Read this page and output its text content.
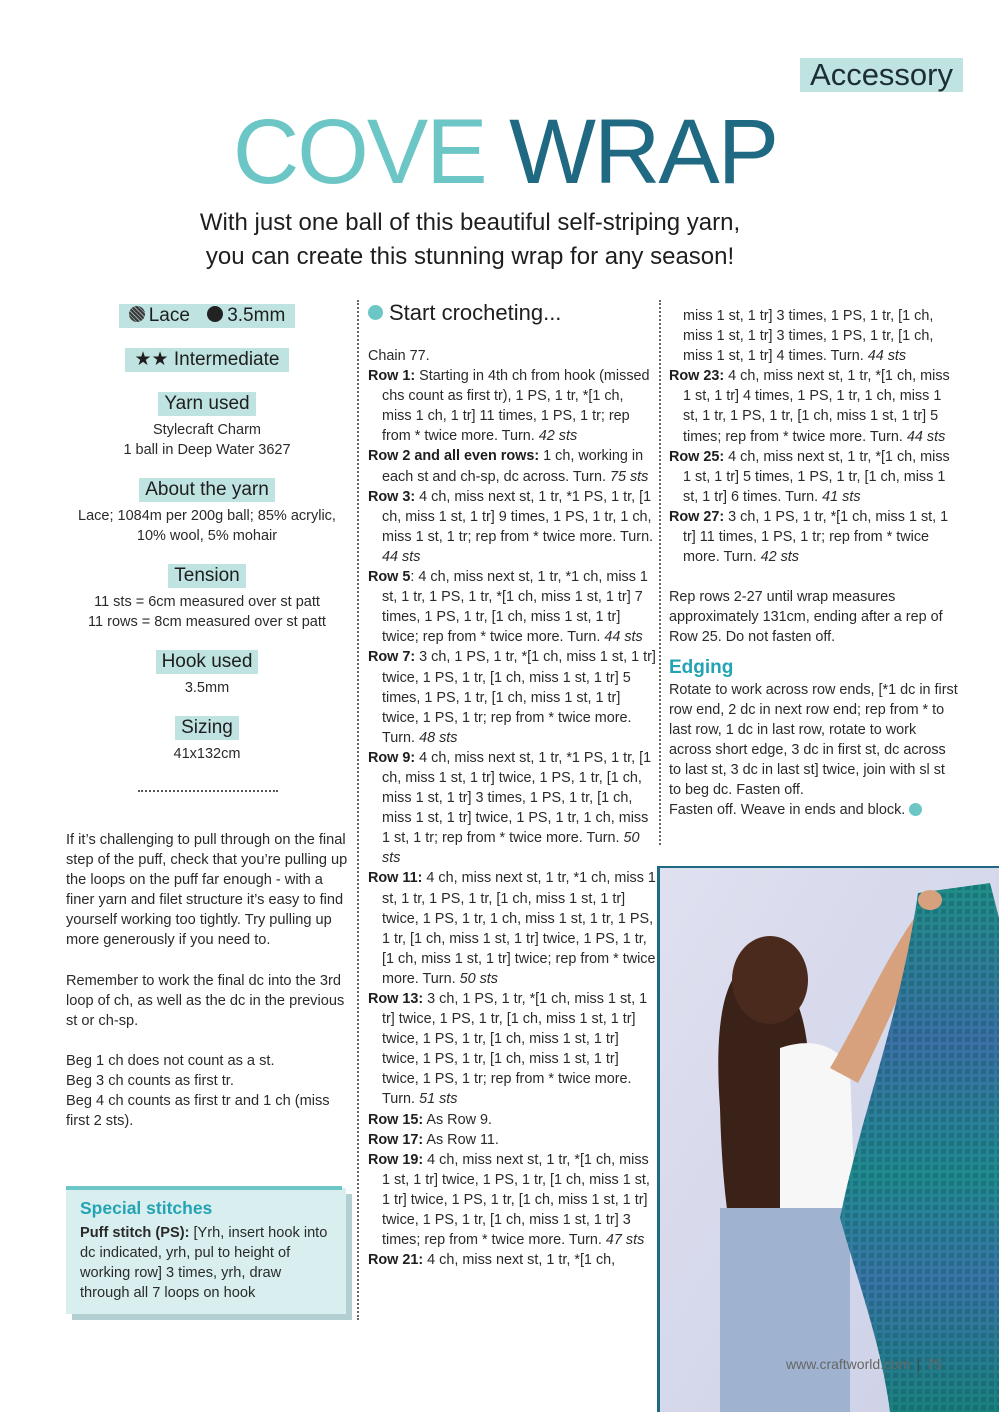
Accessory
COVE WRAP
With just one ball of this beautiful self-striping yarn,
you can create this stunning wrap for any season!
Lace 3.5mm
★★ Intermediate
Yarn used
Stylecraft Charm
1 ball in Deep Water 3627
About the yarn
Lace; 1084m per 200g ball; 85% acrylic,
10% wool, 5% mohair
Tension
11 sts = 6cm measured over st patt
11 rows = 8cm measured over st patt
Hook used
3.5mm
Sizing
41x132cm

If it’s challenging to pull through on the final step of the puff, check that you’re pulling up the loops on the puff far enough - with a finer yarn and filet structure it’s easy to find yourself working too tightly. Try pulling up more generously if you need to.

Remember to work the final dc into the 3rd loop of ch, as well as the dc in the previous st or ch-sp.

Beg 1 ch does not count as a st.
Beg 3 ch counts as first tr.
Beg 4 ch counts as first tr and 1 ch (miss first 2 sts).

Special stitches
Puff stitch (PS): [Yrh, insert hook into dc indicated, yrh, pul to height of working row] 3 times, yrh, draw through all 7 loops on hook
Start crocheting...

Chain 77.

Row 1: Starting in 4th ch from hook (missed chs count as first tr), 1 PS, 1 tr, *[1 ch, miss 1 ch, 1 tr] 11 times, 1 PS, 1 tr; rep from * twice more. Turn. 42 sts

Row 2 and all even rows: 1 ch, working in each st and ch-sp, dc across. Turn. 75 sts

Row 3: 4 ch, miss next st, 1 tr, *1 PS, 1 tr, [1 ch, miss 1 st, 1 tr] 9 times, 1 PS, 1 tr, 1 ch, miss 1 st, 1 tr; rep from * twice more. Turn. 44 sts

Row 5: 4 ch, miss next st, 1 tr, *1 ch, miss 1 st, 1 tr, 1 PS, 1 tr, *[1 ch, miss 1 st, 1 tr] 7 times, 1 PS, 1 tr, [1 ch, miss 1 st, 1 tr] twice; rep from * twice more. Turn. 44 sts

Row 7: 3 ch, 1 PS, 1 tr, *[1 ch, miss 1 st, 1 tr] twice, 1 PS, 1 tr, [1 ch, miss 1 st, 1 tr] 5 times, 1 PS, 1 tr, [1 ch, miss 1 st, 1 tr] twice, 1 PS, 1 tr; rep from * twice more. Turn. 48 sts

Row 9: 4 ch, miss next st, 1 tr, *1 PS, 1 tr, [1 ch, miss 1 st, 1 tr] twice, 1 PS, 1 tr, [1 ch, miss 1 st, 1 tr] 3 times, 1 PS, 1 tr, [1 ch, miss 1 st, 1 tr] twice, 1 PS, 1 tr, 1 ch, miss 1 st, 1 tr; rep from * twice more. Turn. 50 sts

Row 11: 4 ch, miss next st, 1 tr, *1 ch, miss 1 st, 1 tr, 1 PS, 1 tr, [1 ch, miss 1 st, 1 tr] twice, 1 PS, 1 tr, 1 ch, miss 1 st, 1 tr, 1 PS, 1 tr, [1 ch, miss 1 st, 1 tr] twice, 1 PS, 1 tr, [1 ch, miss 1 st, 1 tr] twice; rep from * twice more. Turn. 50 sts

Row 13: 3 ch, 1 PS, 1 tr, *[1 ch, miss 1 st, 1 tr] twice, 1 PS, 1 tr, [1 ch, miss 1 st, 1 tr] twice, 1 PS, 1 tr, [1 ch, miss 1 st, 1 tr] twice, 1 PS, 1 tr, [1 ch, miss 1 st, 1 tr] twice, 1 PS, 1 tr; rep from * twice more. Turn. 51 sts

Row 15: As Row 9.

Row 17: As Row 11.

Row 19: 4 ch, miss next st, 1 tr, *[1 ch, miss 1 st, 1 tr] twice, 1 PS, 1 tr, [1 ch, miss 1 st, 1 tr] twice, 1 PS, 1 tr, [1 ch, miss 1 st, 1 tr] twice, 1 PS, 1 tr, [1 ch, miss 1 st, 1 tr] 3 times; rep from * twice more. Turn. 47 sts

Row 21: 4 ch, miss next st, 1 tr, *[1 ch,

miss 1 st, 1 tr] 3 times, 1 PS, 1 tr, [1 ch, miss 1 st, 1 tr] 3 times, 1 PS, 1 tr, [1 ch, miss 1 st, 1 tr] 4 times. Turn. 44 sts

Row 23: 4 ch, miss next st, 1 tr, *[1 ch, miss 1 st, 1 tr] 4 times, 1 PS, 1 tr, 1 ch, miss 1 st, 1 tr, 1 PS, 1 tr, [1 ch, miss 1 st, 1 tr] 5 times; rep from * twice more. Turn. 44 sts

Row 25: 4 ch, miss next st, 1 tr, *[1 ch, miss 1 st, 1 tr] 5 times, 1 PS, 1 tr, [1 ch, miss 1 st, 1 tr] 6 times. Turn. 41 sts

Row 27: 3 ch, 1 PS, 1 tr, *[1 ch, miss 1 st, 1 tr] 11 times, 1 PS, 1 tr; rep from * twice more. Turn. 42 sts

Rep rows 2-27 until wrap measures approximately 131cm, ending after a rep of Row 25. Do not fasten off.

Edging

Rotate to work across row ends, [*1 dc in first row end, 2 dc in next row end; rep from * to last row, 1 dc in last row, rotate to work across short edge, 3 dc in first st, dc across to last st, 3 dc in last st] twice, join with sl st to beg dc. Fasten off.

Fasten off. Weave in ends and block.

www.craftworld.com | 75
